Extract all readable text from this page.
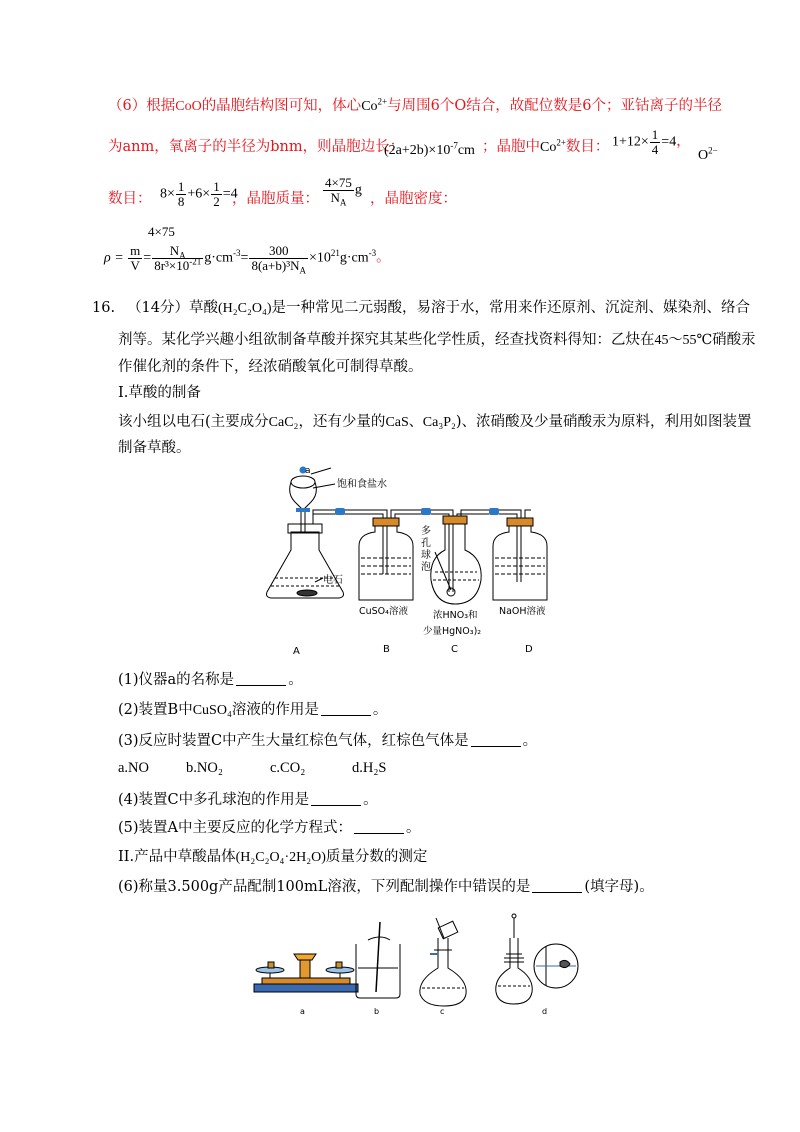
（6）根据CoO的晶胞结构图可知，体心$Co^{2+}$与周围6个O结合，故配位数是6个；亚钴离子的半径
为anm，氧离子的半径为bnm，则晶胞边长：
$(2a+2b)\times 10^{-7}cm$ ；晶胞中$Co^{2+}$数目： $1+12\times \frac{1}{4} =4$，
$O^{2-}$
数目： $8\times \frac{1}{8} +6\times \frac{1}{2} =4$
，晶胞质量： $\frac{4\times 75}{N_A}$ g
，晶胞密度：
4×75
$\rho = \frac{m}{V} = \frac{N_A}{8r^3\times 10^{-21}} g\cdot cm^{-3}= \frac{300}{8(a+b)^3N_A} \times 10^{21}g\cdot cm^{-3}$。
16. （14分）草酸(H₂C₂O₄)是一种常见二元弱酸，易溶于水，常用来作还原剂、沉淀剂、媒染剂、络合
剂等。某化学兴趣小组欲制备草酸并探究其某些化学性质，经查找资料得知：乙炔在45～55℃硝酸汞
作催化剂的条件下，经浓硝酸氧化可制得草酸。
I.草酸的制备
该小组以电石(主要成分CaC₂，还有少量的CaS、Ca₃P₂)、浓硝酸及少量硝酸汞为原料，利用如图装置
制备草酸。
a
饱和食盐水
电石
CuSO₄溶液
多
孔
球
泡
浓HNO₃和
少量HgNO₃)₂
NaOH溶液
A	B	C	D
(1)仪器a的名称是	。
(2)装置B中CuSO₄溶液的作用是	。
(3)反应时装置C中产生大量红棕色气体，红棕色气体是	。
a.NO	b.NO₂	c.CO₂	d.H₂S
(4)装置C中多孔球泡的作用是	。
(5)装置A中主要反应的化学方程式：	。
II.产品中草酸晶体(H₂C₂O₄·2H₂O)质量分数的测定
(6)称量3.500g产品配制100mL溶液，下列配制操作中错误的是	(填字母)。
a	b	c	d
